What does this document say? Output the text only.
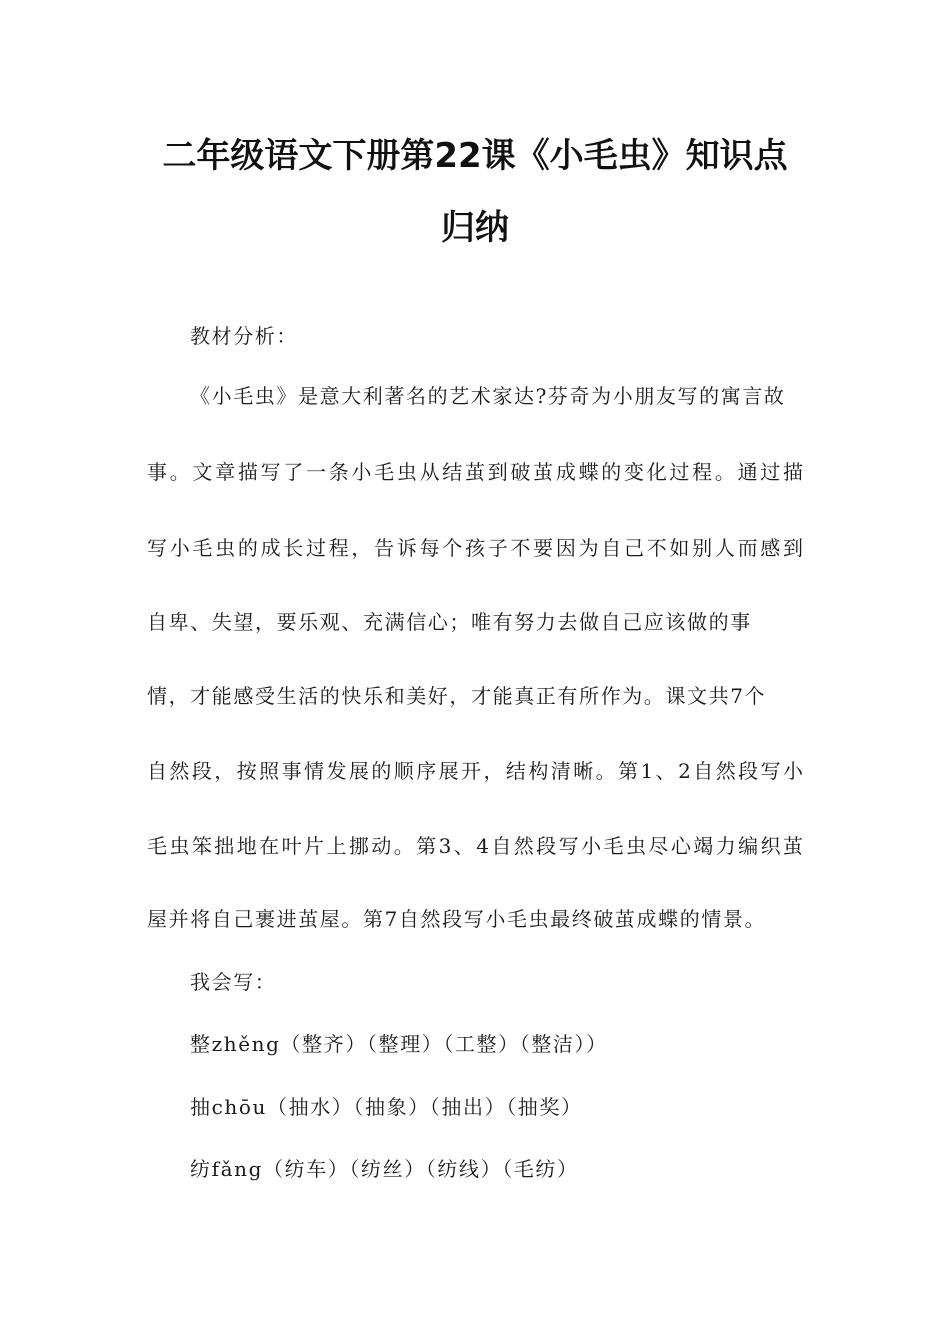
二年级语文下册第22课《小毛虫》知识点
归纳
教材分析：
《小毛虫》是意大利著名的艺术家达?芬奇为小朋友写的寓言故
事。文章描写了一条小毛虫从结茧到破茧成蝶的变化过程。通过描
写小毛虫的成长过程，告诉每个孩子不要因为自己不如别人而感到
自卑、失望，要乐观、充满信心；唯有努力去做自己应该做的事
情，才能感受生活的快乐和美好，才能真正有所作为。课文共7个
自然段，按照事情发展的顺序展开，结构清晰。第1、2自然段写小
毛虫笨拙地在叶片上挪动。第3、4自然段写小毛虫尽心竭力编织茧
屋并将自己裹进茧屋。第7自然段写小毛虫最终破茧成蝶的情景。
我会写：
整zhěng（整齐）（整理）（工整）（整洁））
抽chōu（抽水）（抽象）（抽出）（抽奖）
纺fǎng（纺车）（纺丝）（纺线）（毛纺）
